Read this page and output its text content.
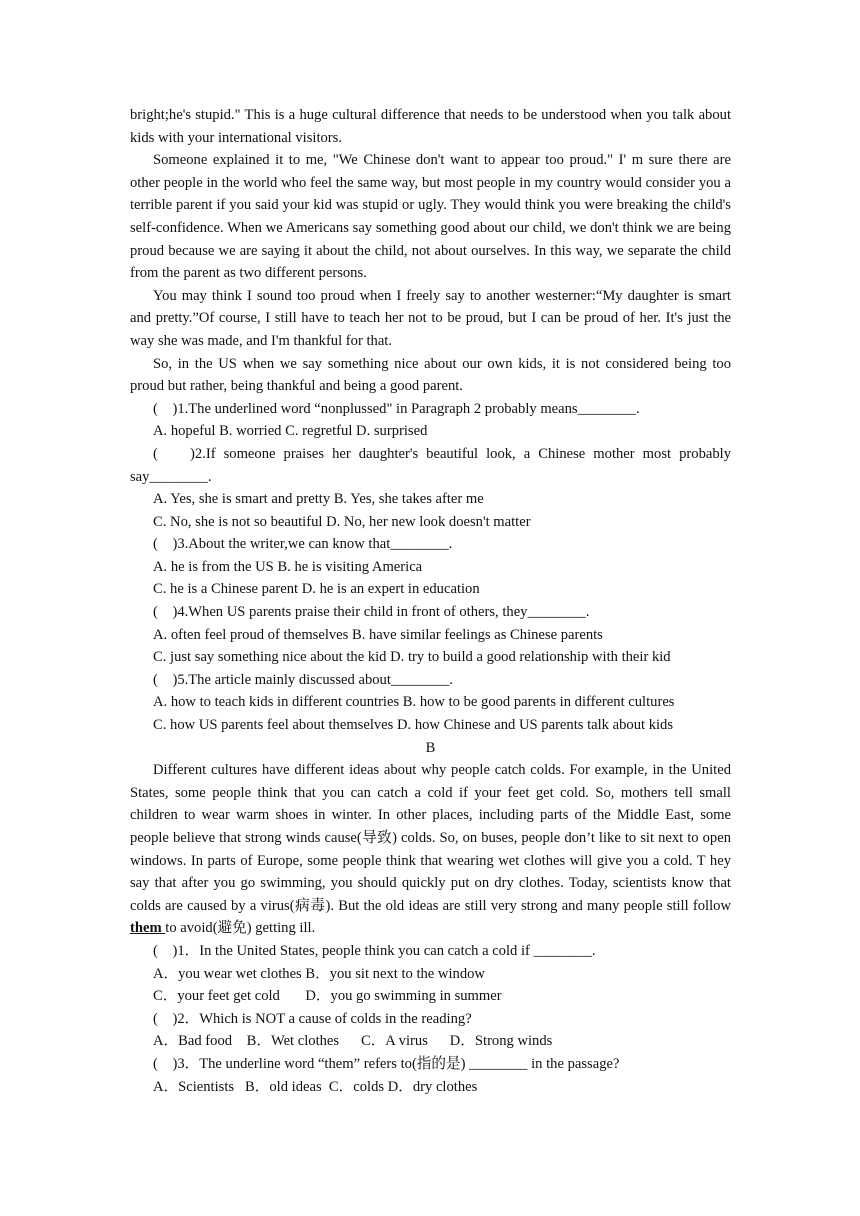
bright;he's stupid." This is a huge cultural difference that needs to be understood when you talk about kids with your international visitors.

Someone explained it to me, "We Chinese don't want to appear too proud." I' m sure there are other people in the world who feel the same way, but most people in my country would consider you a terrible parent if you said your kid was stupid or ugly. They would think you were breaking the child's self-confidence. When we Americans say something good about our child, we don't think we are being proud because we are saying it about the child, not about ourselves. In this way, we separate the child from the parent as two different persons.

You may think I sound too proud when I freely say to another westerner:“My daughter is smart and pretty.”Of course, I still have to teach her not to be proud, but I can be proud of her. It's just the way she was made, and I'm thankful for that.

So, in the US when we say something nice about our own kids, it is not considered being too proud but rather, being thankful and being a good parent.

(    )1.The underlined word “nonplussed" in Paragraph 2 probably means________.

A. hopeful B. worried C. regretful D. surprised

(    )2.If someone praises her daughter's beautiful look, a Chinese mother most probably say________.

A. Yes, she is smart and pretty B. Yes, she takes after me

C. No, she is not so beautiful D. No, her new look doesn't matter

(    )3.About the writer,we can know that________.

A. he is from the US B. he is visiting America

C. he is a Chinese parent D. he is an expert in education

(    )4.When US parents praise their child in front of others, they________.

A. often feel proud of themselves B. have similar feelings as Chinese parents

C. just say something nice about the kid D. try to build a good relationship with their kid

(    )5.The article mainly discussed about________.

A. how to teach kids in different countries B. how to be good parents in different cultures

C. how US parents feel about themselves D. how Chinese and US parents talk about kids

B

Different cultures have different ideas about why people catch colds. For example, in the United States, some people think that you can catch a cold if your feet get cold. So, mothers tell small children to wear warm shoes in winter. In other places, including parts of the Middle East, some people believe that strong winds cause(导致) colds. So, on buses, people don’t like to sit next to open windows. In parts of Europe, some people think that wearing wet clothes will give you a cold. T hey say that after you go swimming, you should quickly put on dry clothes. Today, scientists know that colds are caused by a virus(病毒). But the old ideas are still very strong and many people still follow them to avoid(避免) getting ill.

(    )1．In the United States, people think you can catch a cold if ________.

A．you wear wet clothes B．you sit next to the window

C．your feet get cold       D．you go swimming in summer

(    )2．Which is NOT a cause of colds in the reading?

A．Bad food    B．Wet clothes      C．A virus      D．Strong winds

(    )3．The underline word “them” refers to(指的是) ________ in the passage?

A．Scientists   B．old ideas  C．colds D．dry clothes
